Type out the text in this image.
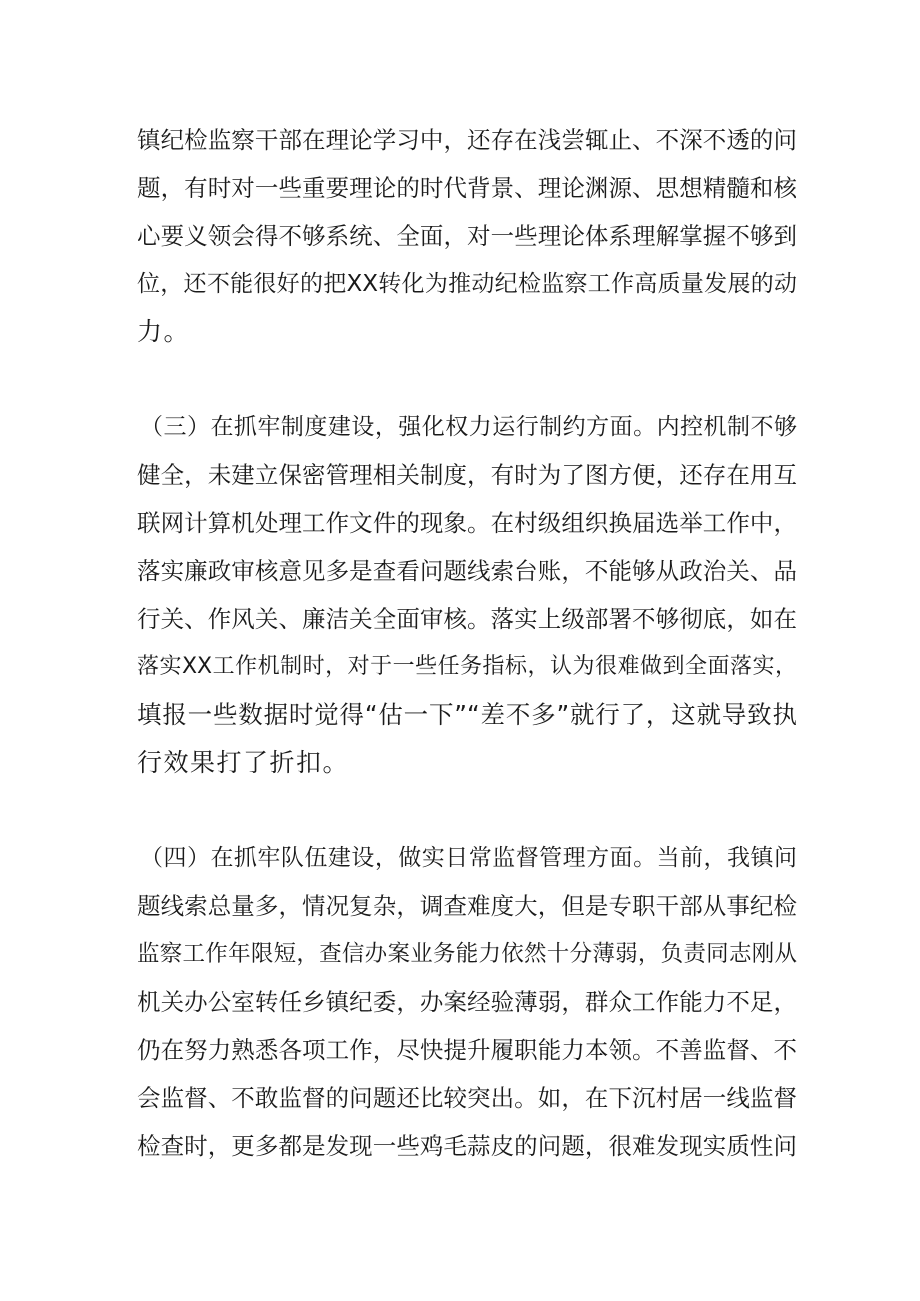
镇纪检监察干部在理论学习中，还存在浅尝辄止、不深不透的问
题，有时对一些重要理论的时代背景、理论渊源、思想精髓和核
心要义领会得不够系统、全面，对一些理论体系理解掌握不够到
位，还不能很好的把XX转化为推动纪检监察工作高质量发展的动
力。
（三）在抓牢制度建设，强化权力运行制约方面。内控机制不够
健全，未建立保密管理相关制度，有时为了图方便，还存在用互
联网计算机处理工作文件的现象。在村级组织换届选举工作中，
落实廉政审核意见多是查看问题线索台账，不能够从政治关、品
行关、作风关、廉洁关全面审核。落实上级部署不够彻底，如在
落实XX工作机制时，对于一些任务指标，认为很难做到全面落实，
填报一些数据时觉得“估一下”“差不多”就行了，这就导致执
行效果打了折扣。
（四）在抓牢队伍建设，做实日常监督管理方面。当前，我镇问
题线索总量多，情况复杂，调查难度大，但是专职干部从事纪检
监察工作年限短，查信办案业务能力依然十分薄弱，负责同志刚从
机关办公室转任乡镇纪委，办案经验薄弱，群众工作能力不足，
仍在努力熟悉各项工作，尽快提升履职能力本领。不善监督、不
会监督、不敢监督的问题还比较突出。如，在下沉村居一线监督
检查时，更多都是发现一些鸡毛蒜皮的问题，很难发现实质性问
